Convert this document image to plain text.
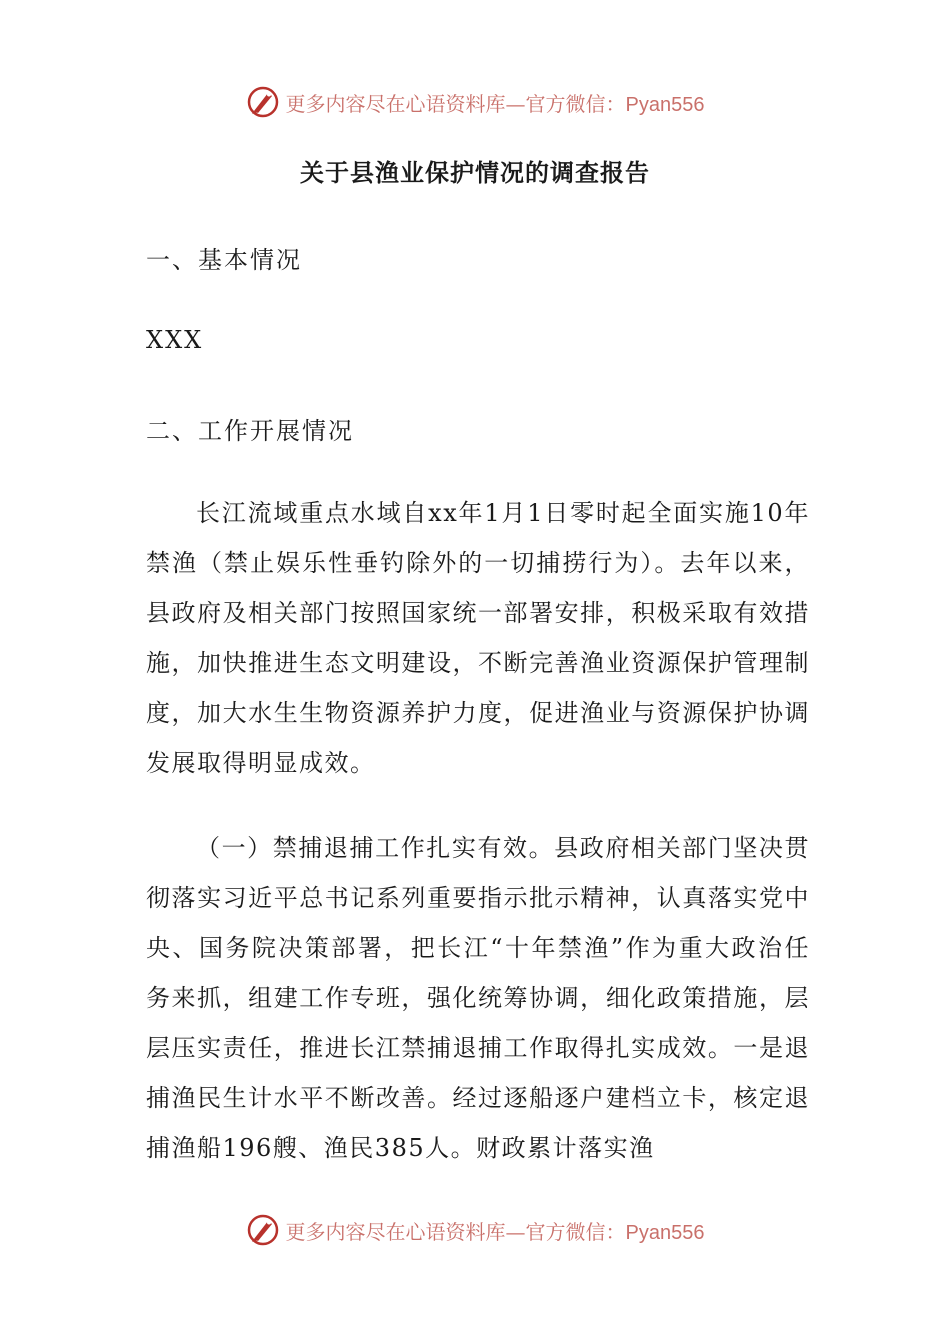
更多内容尽在心语资料库—官方微信：Pyan556
关于县渔业保护情况的调查报告
一、基本情况
XXX
二、工作开展情况
长江流域重点水域自xx年1月1日零时起全面实施10年禁渔（禁止娱乐性垂钓除外的一切捕捞行为）。去年以来，县政府及相关部门按照国家统一部署安排，积极采取有效措施，加快推进生态文明建设，不断完善渔业资源保护管理制度，加大水生生物资源养护力度，促进渔业与资源保护协调发展取得明显成效。
（一）禁捕退捕工作扎实有效。县政府相关部门坚决贯彻落实习近平总书记系列重要指示批示精神，认真落实党中央、国务院决策部署，把长江“十年禁渔”作为重大政治任务来抓，组建工作专班，强化统筹协调，细化政策措施，层层压实责任，推进长江禁捕退捕工作取得扎实成效。一是退捕渔民生计水平不断改善。经过逐船逐户建档立卡，核定退捕渔船196艘、渔民385人。财政累计落实渔
更多内容尽在心语资料库—官方微信：Pyan556
